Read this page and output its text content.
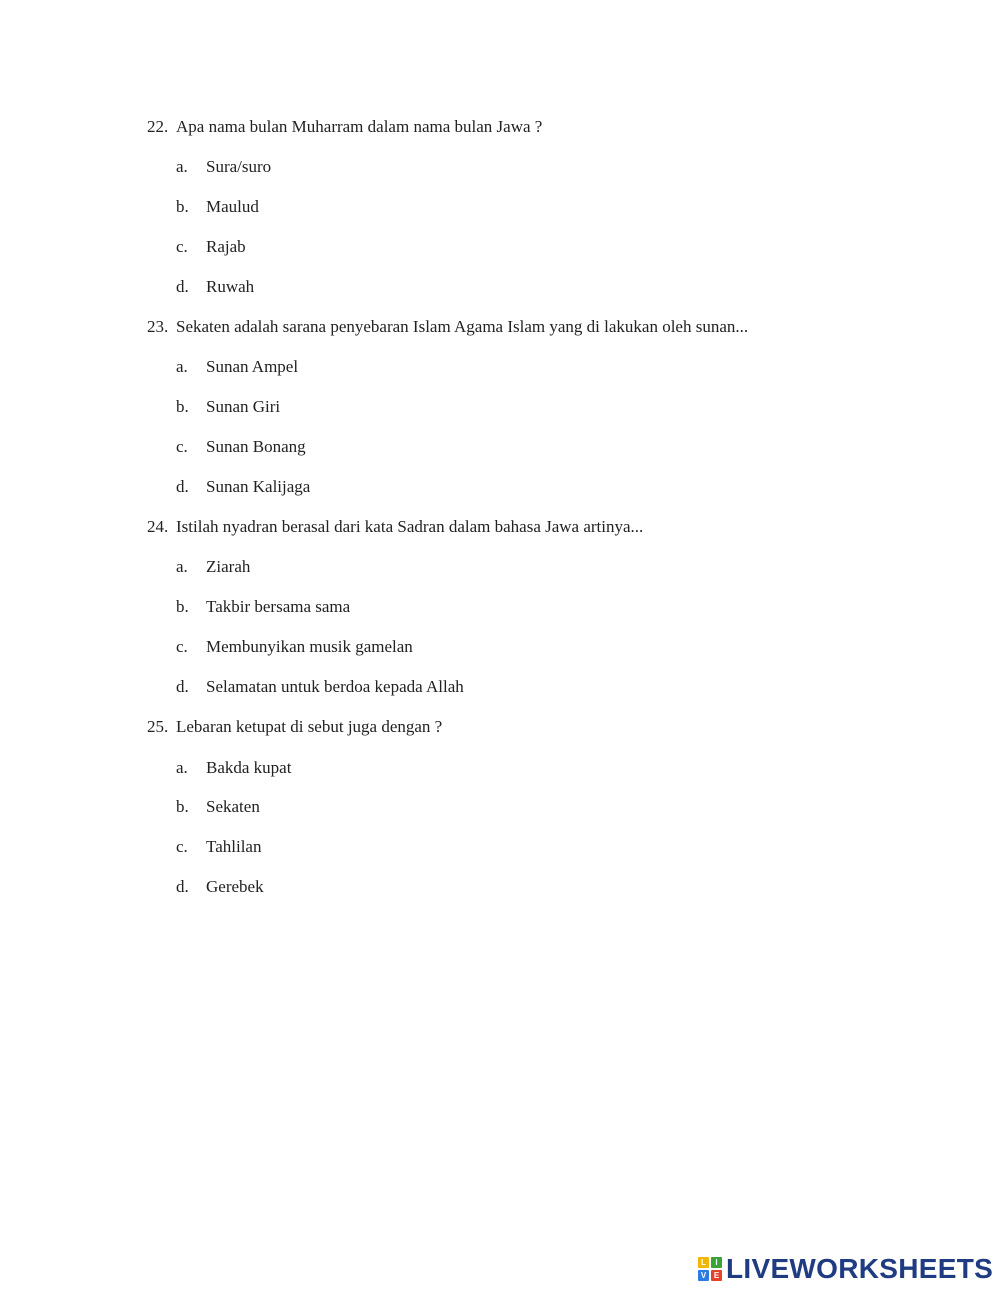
22. Apa nama bulan Muharram dalam nama bulan Jawa ?
a. Sura/suro
b. Maulud
c. Rajab
d. Ruwah
23. Sekaten adalah sarana penyebaran Islam Agama Islam yang di lakukan oleh sunan...
a. Sunan Ampel
b. Sunan Giri
c. Sunan Bonang
d. Sunan Kalijaga
24. Istilah nyadran berasal dari kata Sadran dalam bahasa Jawa artinya...
a. Ziarah
b. Takbir bersama sama
c. Membunyikan musik gamelan
d. Selamatan untuk berdoa kepada Allah
25. Lebaran ketupat di sebut juga dengan ?
a. Bakda kupat
b. Sekaten
c. Tahlilan
d. Gerebek
L	I
V E LIVEWORKSHEETS
